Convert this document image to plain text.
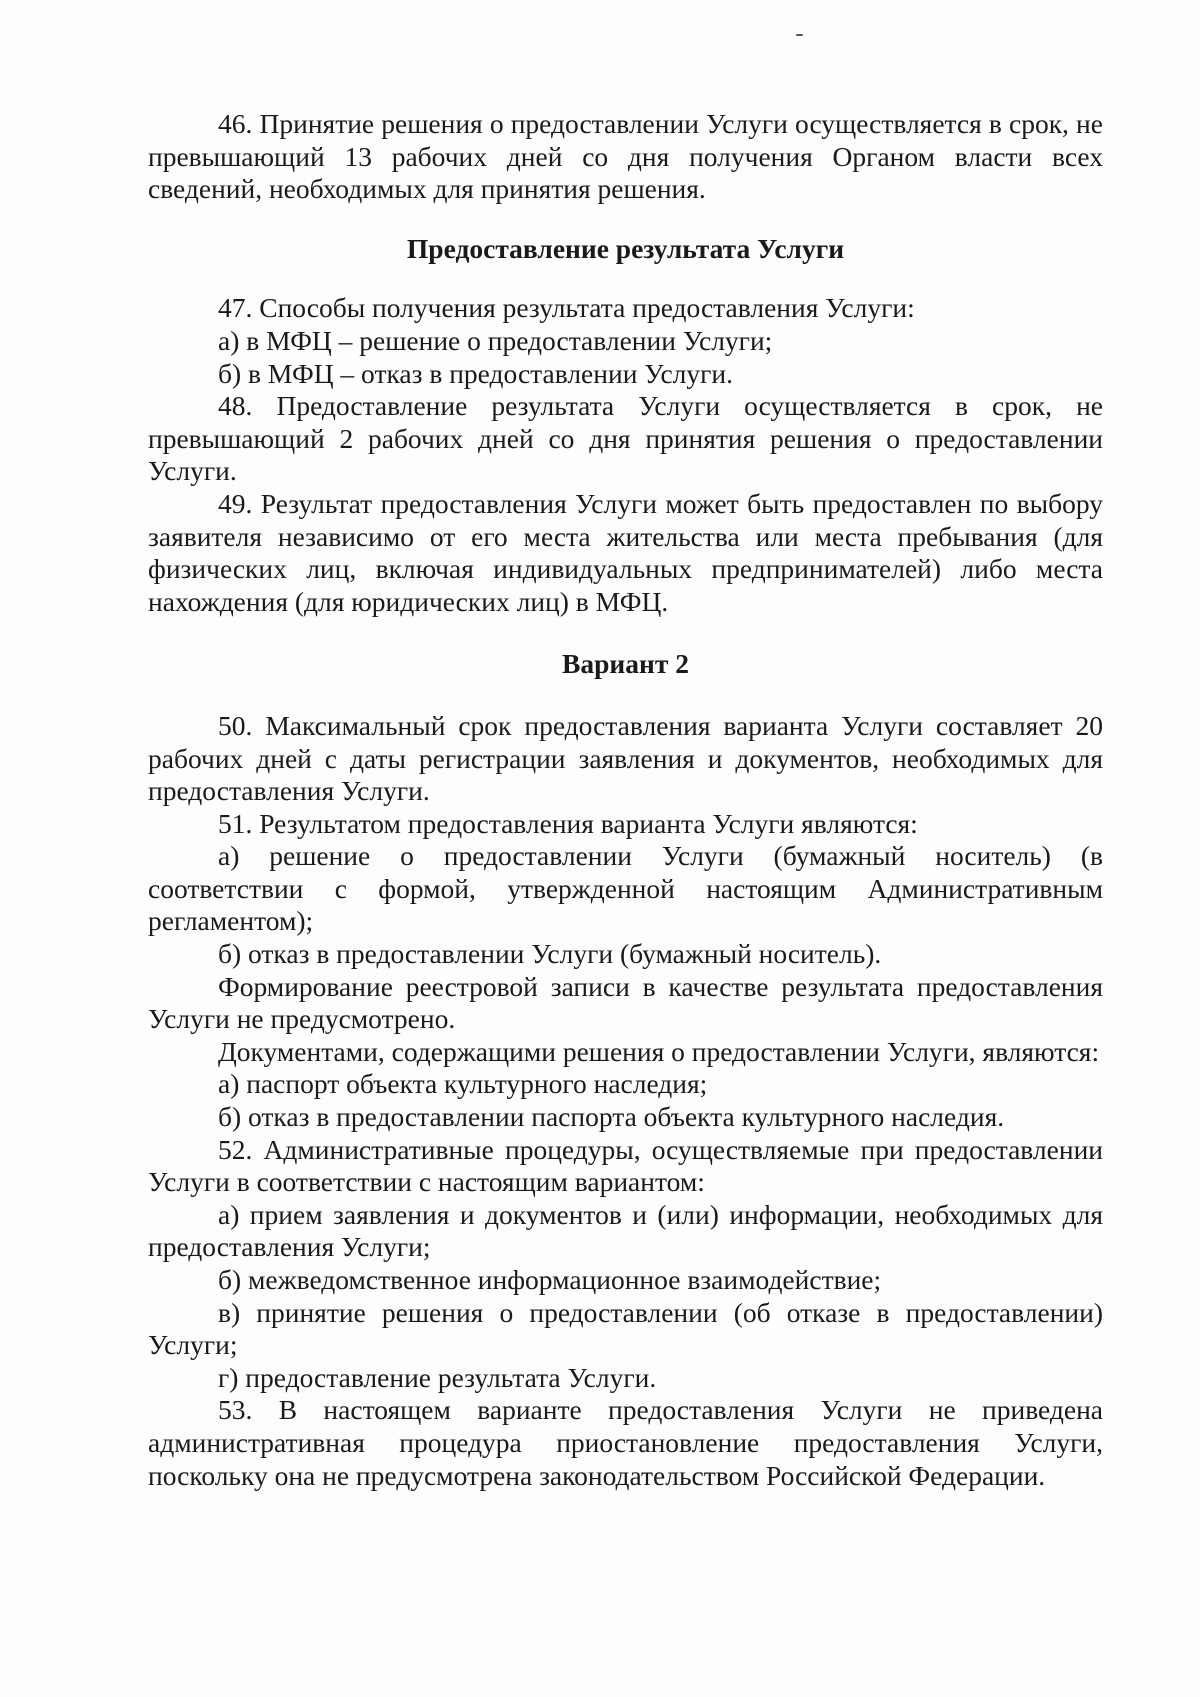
46. Принятие решения о предоставлении Услуги осуществляется в срок, не превышающий 13 рабочих дней со дня получения Органом власти всех сведений, необходимых для принятия решения.

Предоставление результата Услуги

47. Способы получения результата предоставления Услуги:

а) в МФЦ – решение о предоставлении Услуги;

б) в МФЦ – отказ в предоставлении Услуги.

48. Предоставление результата Услуги осуществляется в срок, не превышающий 2 рабочих дней со дня принятия решения о предоставлении Услуги.

49. Результат предоставления Услуги может быть предоставлен по выбору заявителя независимо от его места жительства или места пребывания (для физических лиц, включая индивидуальных предпринимателей) либо места нахождения (для юридических лиц) в МФЦ.

Вариант 2

50. Максимальный срок предоставления варианта Услуги составляет 20 рабочих дней с даты регистрации заявления и документов, необходимых для предоставления Услуги.

51. Результатом предоставления варианта Услуги являются:

а) решение о предоставлении Услуги (бумажный носитель) (в соответствии с формой, утвержденной настоящим Административным регламентом);

б) отказ в предоставлении Услуги (бумажный носитель).

Формирование реестровой записи в качестве результата предоставления Услуги не предусмотрено.

Документами, содержащими решения о предоставлении Услуги, являются:

а) паспорт объекта культурного наследия;

б) отказ в предоставлении паспорта объекта культурного наследия.

52. Административные процедуры, осуществляемые при предоставлении Услуги в соответствии с настоящим вариантом:

а) прием заявления и документов и (или) информации, необходимых для предоставления Услуги;

б) межведомственное информационное взаимодействие;

в) принятие решения о предоставлении (об отказе в предоставлении) Услуги;

г) предоставление результата Услуги.

53. В настоящем варианте предоставления Услуги не приведена административная процедура приостановление предоставления Услуги, поскольку она не предусмотрена законодательством Российской Федерации.
